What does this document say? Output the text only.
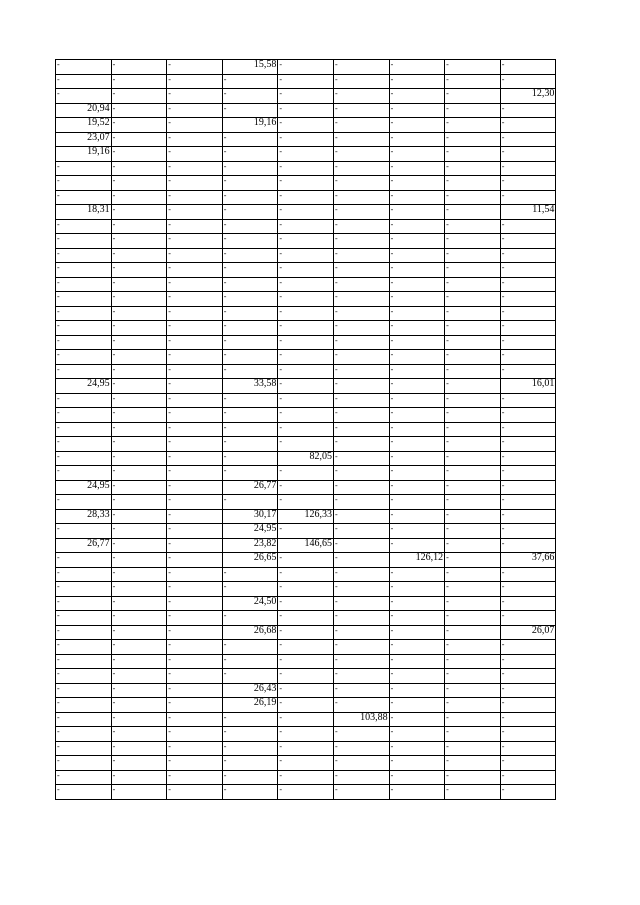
-	-	-	15,58	-	-	-	-	-
-	-	-	-	-	-	-	-	-
-	-	-	-	-	-	-	-	12,30
20,94	-	-	-	-	-	-	-	-
19,52	-	-	19,16	-	-	-	-	-
23,07	-	-	-	-	-	-	-	-
19,16	-	-	-	-	-	-	-	-
-	-	-	-	-	-	-	-	-
-	-	-	-	-	-	-	-	-
-	-	-	-	-	-	-	-	-
18,31	-	-	-	-	-	-	-	11,54
-	-	-	-	-	-	-	-	-
-	-	-	-	-	-	-	-	-
-	-	-	-	-	-	-	-	-
-	-	-	-	-	-	-	-	-
-	-	-	-	-	-	-	-	-
-	-	-	-	-	-	-	-	-
-	-	-	-	-	-	-	-	-
-	-	-	-	-	-	-	-	-
-	-	-	-	-	-	-	-	-
-	-	-	-	-	-	-	-	-
-	-	-	-	-	-	-	-	-
24,95	-	-	33,58	-	-	-	-	16,01
-	-	-	-	-	-	-	-	-
-	-	-	-	-	-	-	-	-
-	-	-	-	-	-	-	-	-
-	-	-	-	-	-	-	-	-
-	-	-	-	82,05	-	-	-	-
-	-	-	-	-	-	-	-	-
24,95	-	-	26,77	-	-	-	-	-
-	-	-	-	-	-	-	-	-
28,33	-	-	30,17	126,33	-	-	-	-
-	-	-	24,95	-	-	-	-	-
26,77	-	-	23,82	146,65	-	-	-	-
-	-	-	26,65	-	-	126,12	-	37,66
-	-	-	-	-	-	-	-	-
-	-	-	-	-	-	-	-	-
-	-	-	24,50	-	-	-	-	-
-	-	-	-	-	-	-	-	-
-	-	-	26,68	-	-	-	-	26,07
-	-	-	-	-	-	-	-	-
-	-	-	-	-	-	-	-	-
-	-	-	-	-	-	-	-	-
-	-	-	26,43	-	-	-	-	-
-	-	-	26,19	-	-	-	-	-
-	-	-	-	-	103,88	-	-	-
-	-	-	-	-	-	-	-	-
-	-	-	-	-	-	-	-	-
-	-	-	-	-	-	-	-	-
-	-	-	-	-	-	-	-	-
-	-	-	-	-	-	-	-	-
